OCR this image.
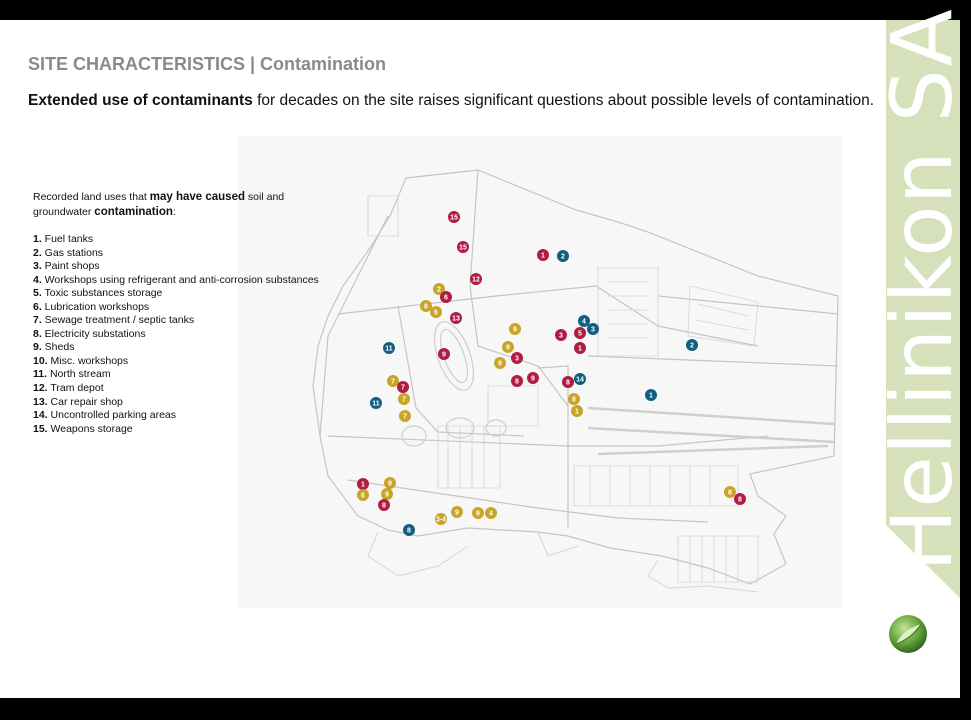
Hellinikon SA
SITE CHARACTERISTICS | Contamination
Extended use of contaminants for decades on the site raises significant questions about possible levels of contamination.
15
15
1 2
12
2
6
8
6
13
9
4
3
3 5
11
9
9
3
9
1	2
14
8 9
8
7
7
7
11
1
8
1
7
1	9
6	9
8
9 9 4
3-4
8
8
8
Recorded land uses that may have caused soil and groundwater contamination:
1. Fuel tanks
2. Gas stations
3. Paint shops
4. Workshops using refrigerant and anti-corrosion substances
5. Toxic substances storage
6. Lubrication workshops
7. Sewage treatment / septic tanks
8. Electricity substations
9. Sheds
10. Misc. workshops
11. North stream
12. Tram depot
13. Car repair shop
14. Uncontrolled parking areas
15. Weapons storage
